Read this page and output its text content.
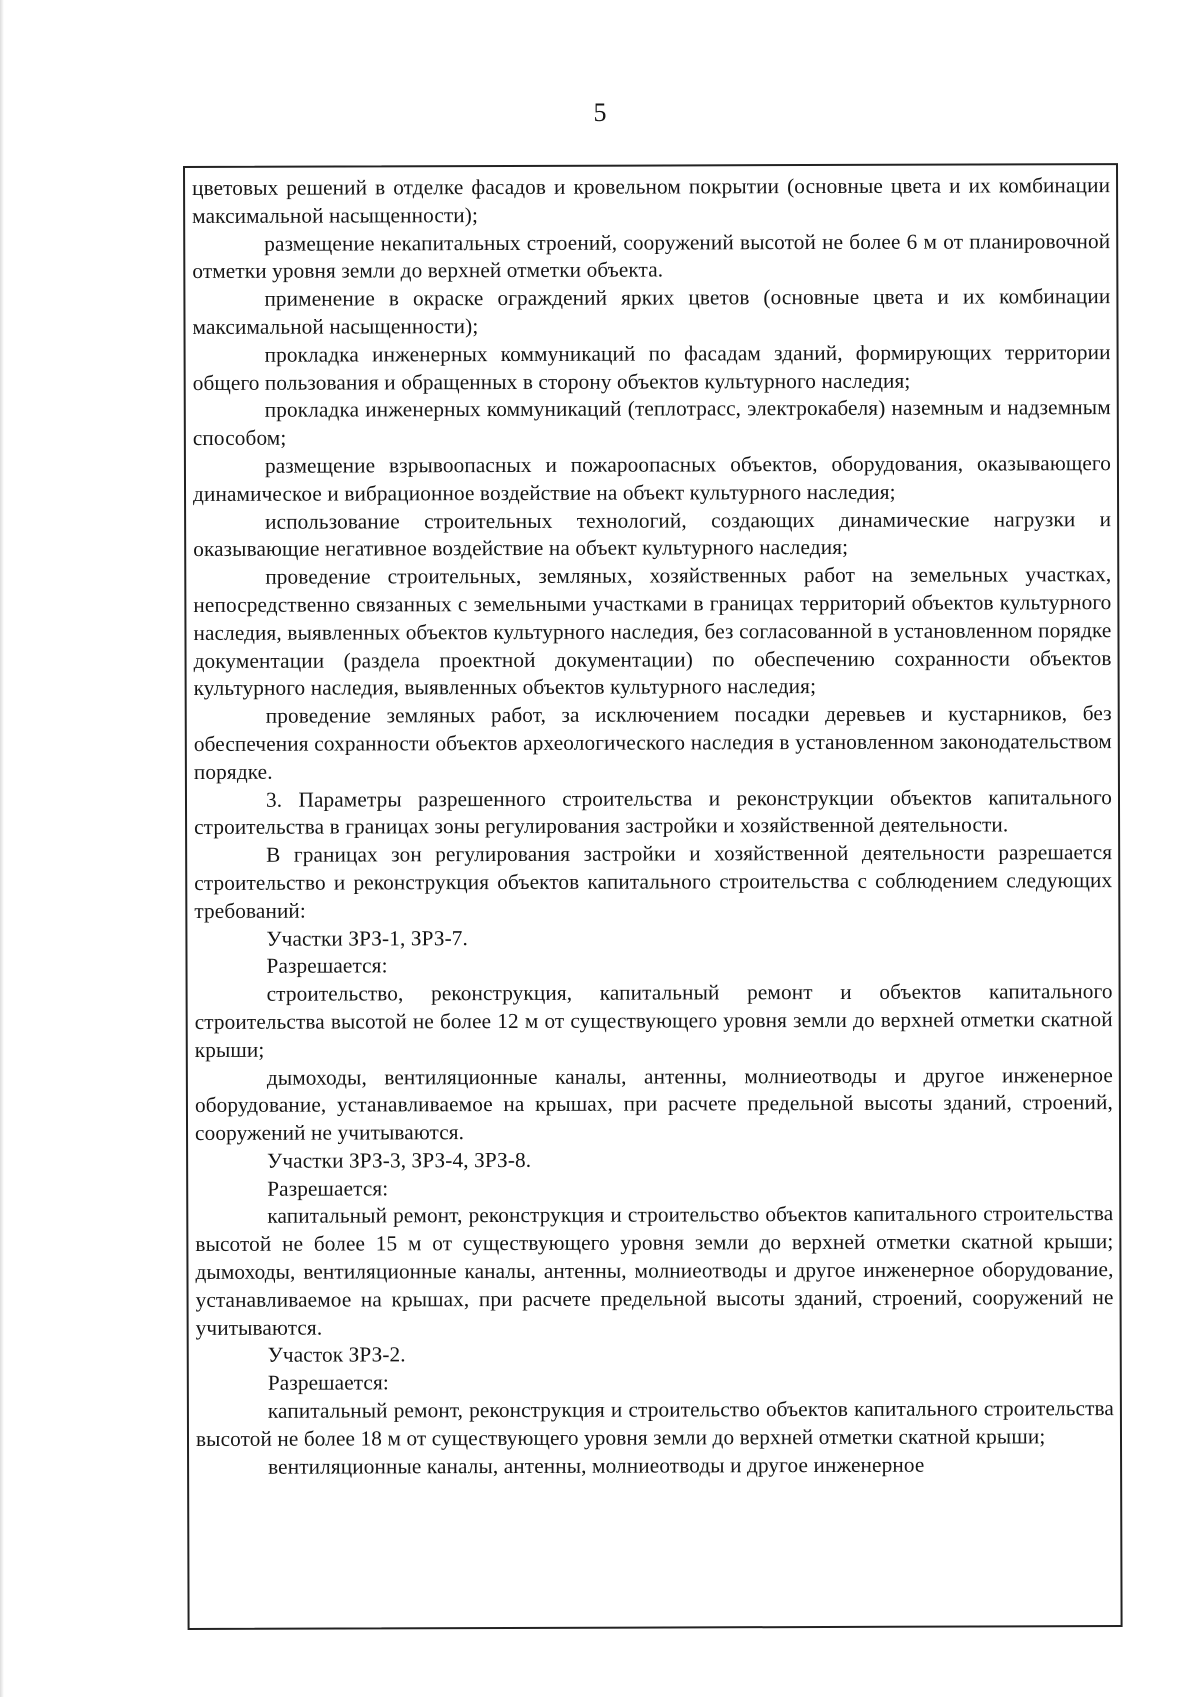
5

цветовых решений в отделке фасадов и кровельном покрытии (основные цвета и их комбинации максимальной насыщенности);

размещение некапитальных строений, сооружений высотой не более 6 м от планировочной отметки уровня земли до верхней отметки объекта.

применение в окраске ограждений ярких цветов (основные цвета и их комбинации максимальной насыщенности);

прокладка инженерных коммуникаций по фасадам зданий, формирующих территории общего пользования и обращенных в сторону объектов культурного наследия;

прокладка инженерных коммуникаций (теплотрасс, электрокабеля) наземным и надземным способом;

размещение взрывоопасных и пожароопасных объектов, оборудования, оказывающего динамическое и вибрационное воздействие на объект культурного наследия;

использование строительных технологий, создающих динамические нагрузки и оказывающие негативное воздействие на объект культурного наследия;

проведение строительных, земляных, хозяйственных работ на земельных участках, непосредственно связанных с земельными участками в границах территорий объектов культурного наследия, выявленных объектов культурного наследия, без согласованной в установленном порядке документации (раздела проектной документации) по обеспечению сохранности объектов культурного наследия, выявленных объектов культурного наследия;

проведение земляных работ, за исключением посадки деревьев и кустарников, без обеспечения сохранности объектов археологического наследия в установленном законодательством порядке.

3. Параметры разрешенного строительства и реконструкции объектов капитального строительства в границах зоны регулирования застройки и хозяйственной деятельности.

В границах зон регулирования застройки и хозяйственной деятельности разрешается строительство и реконструкция объектов капитального строительства с соблюдением следующих требований:

Участки ЗРЗ-1, ЗРЗ-7.

Разрешается:

строительство, реконструкция, капитальный ремонт и объектов капитального строительства высотой не более 12 м от существующего уровня земли до верхней отметки скатной крыши;

дымоходы, вентиляционные каналы, антенны, молниеотводы и другое инженерное оборудование, устанавливаемое на крышах, при расчете предельной высоты зданий, строений, сооружений не учитываются.

Участки ЗРЗ-3, ЗРЗ-4, ЗРЗ-8.

Разрешается:

капитальный ремонт, реконструкция и строительство объектов капитального строительства высотой не более 15 м от существующего уровня земли до верхней отметки скатной крыши; дымоходы, вентиляционные каналы, антенны, молниеотводы и другое инженерное оборудование, устанавливаемое на крышах, при расчете предельной высоты зданий, строений, сооружений не учитываются.

Участок ЗРЗ-2.

Разрешается:

капитальный ремонт, реконструкция и строительство объектов капитального строительства высотой не более 18 м от существующего уровня земли до верхней отметки скатной крыши;

вентиляционные каналы, антенны, молниеотводы и другое инженерное
